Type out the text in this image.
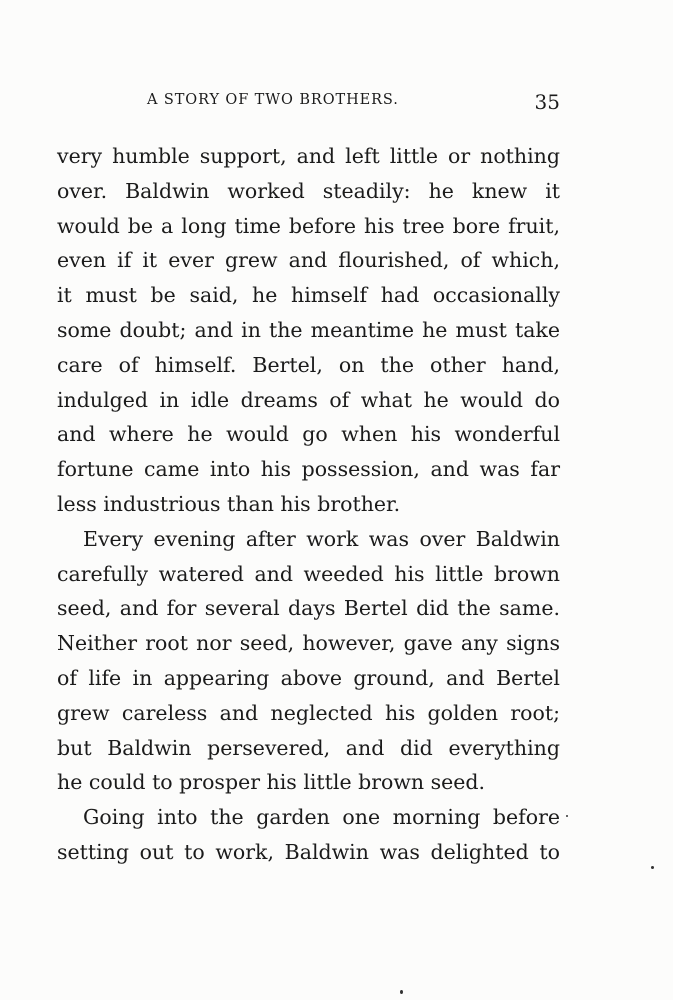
A STORY OF TWO BROTHERS.	35
very humble support, and left little or nothing
over. Baldwin worked steadily: he knew it
would be a long time before his tree bore fruit,
even if it ever grew and flourished, of which,
it must be said, he himself had occasionally
some doubt; and in the meantime he must take
care of himself. Bertel, on the other hand,
indulged in idle dreams of what he would do
and where he would go when his wonderful
fortune came into his possession, and was far
less industrious than his brother.
Every evening after work was over Baldwin
carefully watered and weeded his little brown
seed, and for several days Bertel did the same.
Neither root nor seed, however, gave any signs
of life in appearing above ground, and Bertel
grew careless and neglected his golden root;
but Baldwin persevered, and did everything
he could to prosper his little brown seed.
Going into the garden one morning before
setting out to work, Baldwin was delighted to
